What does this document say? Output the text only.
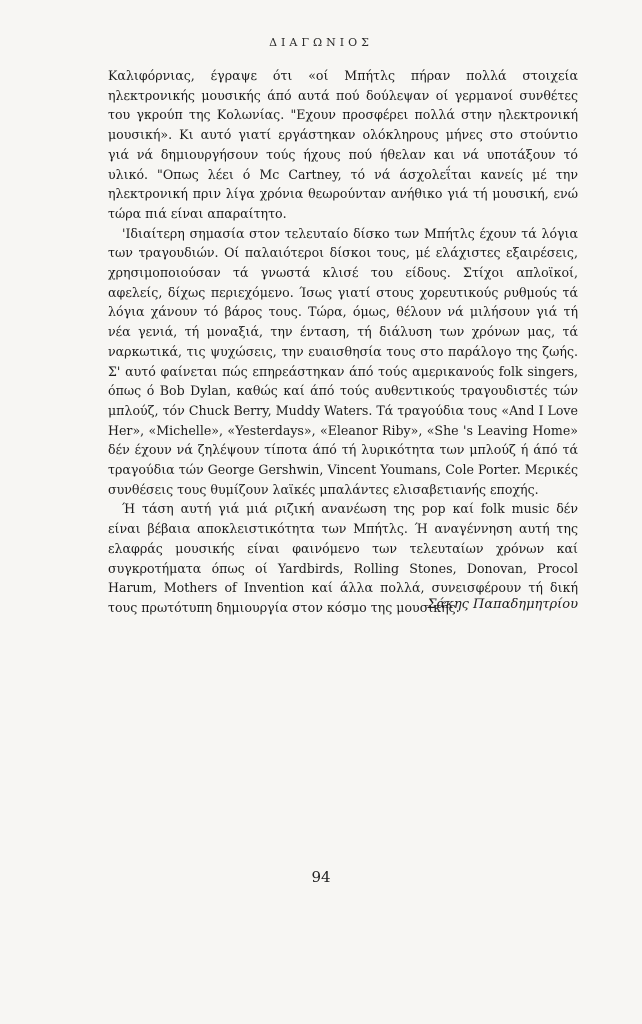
ΔΙΑΓΩΝΙΟΣ

Καλιφόρνιας, έγραψε ότι «οί Μπήτλς πήραν πολλά στοιχεία ηλεκτρονικής μουσικής άπό αυτά πού δούλεψαν οί γερμανοί συνθέτες του γκρούπ της Κολωνίας. "Εχουν προσφέρει πολλά στην ηλεκτρονική μουσική». Κι αυτό γιατί εργάστηκαν ολόκληρους μήνες στο στούντιο γιά νά δημιουργήσουν τούς ήχους πού ήθελαν και νά υποτάξουν τό υλικό. "Οπως λέει ό Mc Cartney, τό νά άσχολεΐται κανείς μέ την ηλεκτρονική πριν λίγα χρόνια θεωρούνταν ανήθικο γιά τή μουσική, ενώ τώρα πιά είναι απαραίτητο.

'Ιδιαίτερη σημασία στον τελευταίο δίσκο των Μπήτλς έχουν τά λόγια των τραγουδιών. Οί παλαιότεροι δίσκοι τους, μέ ελάχιστες εξαιρέσεις, χρησιμοποιούσαν τά γνωστά κλισέ του είδους. Στίχοι απλοϊκοί, αφελείς, δίχως περιεχόμενο. Ίσως γιατί στους χορευτικούς ρυθμούς τά λόγια χάνουν τό βάρος τους. Τώρα, όμως, θέλουν νά μιλήσουν γιά τή νέα γενιά, τή μοναξιά, την ένταση, τή διάλυση των χρόνων μας, τά ναρκωτικά, τις ψυχώσεις, την ευαισθησία τους στο παράλογο της ζωής. Σ' αυτό φαίνεται πώς επηρεάστηκαν άπό τούς αμερικανούς folk singers, όπως ό Bob Dylan, καθώς καί άπό τούς αυθεντικούς τραγουδιστές τών μπλούζ, τόν Chuck Berry, Muddy Waters. Τά τραγούδια τους «And I Love Her», «Michelle», «Yesterdays», «Eleanor Riby», «She 's Leaving Home» δέν έχουν νά ζηλέψουν τίποτα άπό τή λυρικότητα των μπλούζ ή άπό τά τραγούδια τών George Gershwin, Vincent Youmans, Cole Porter. Μερικές συνθέσεις τους θυμίζουν λαϊκές μπαλάντες ελισαβετιανής εποχής.

Ή τάση αυτή γιά μιά ριζική ανανέωση της pop καί folk music δέν είναι βέβαια αποκλειστικότητα των Μπήτλς. Ή αναγέννηση αυτή της ελαφράς μουσικής είναι φαινόμενο των τελευταίων χρόνων καί συγκροτήματα όπως οί Yardbirds, Rolling Stones, Donovan, Procol Harum, Mothers of Invention καί άλλα πολλά, συνεισφέρουν τή δική τους πρωτότυπη δημιουργία στον κόσμο της μουσικής.

Σάκης Παπαδημητρίου
94
